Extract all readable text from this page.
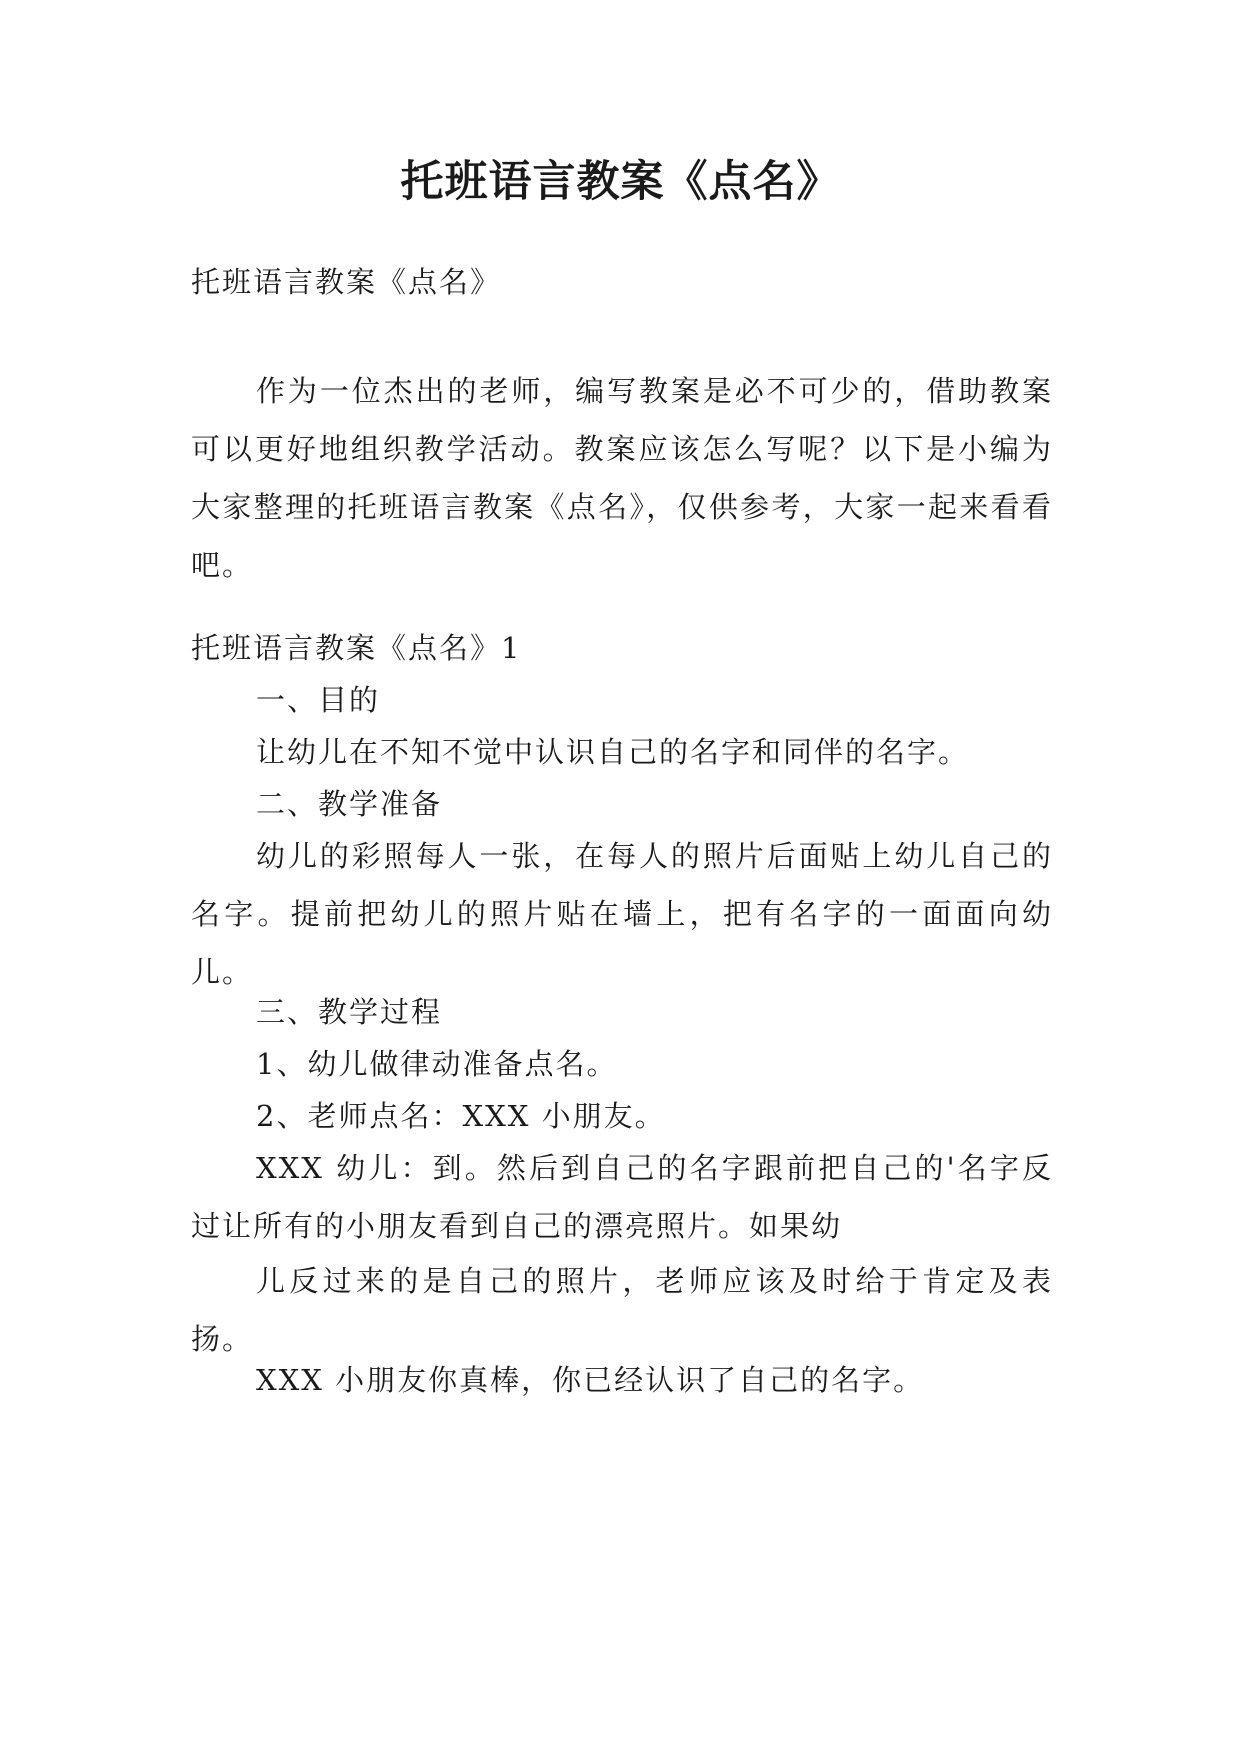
托班语言教案《点名》

托班语言教案《点名》

作为一位杰出的老师，编写教案是必不可少的，借助教案可以更好地组织教学活动。教案应该怎么写呢？以下是小编为大家整理的托班语言教案《点名》，仅供参考，大家一起来看看吧。

托班语言教案《点名》1

一、目的

让幼儿在不知不觉中认识自己的名字和同伴的名字。

二、教学准备

幼儿的彩照每人一张，在每人的照片后面贴上幼儿自己的名字。提前把幼儿的照片贴在墙上，把有名字的一面面向幼儿。

三、教学过程

1、幼儿做律动准备点名。

2、老师点名：XXX 小朋友。

XXX 幼儿：到。然后到自己的名字跟前把自己的'名字反过让所有的小朋友看到自己的漂亮照片。如果幼

儿反过来的是自己的照片，老师应该及时给于肯定及表扬。

XXX 小朋友你真棒，你已经认识了自己的名字。
